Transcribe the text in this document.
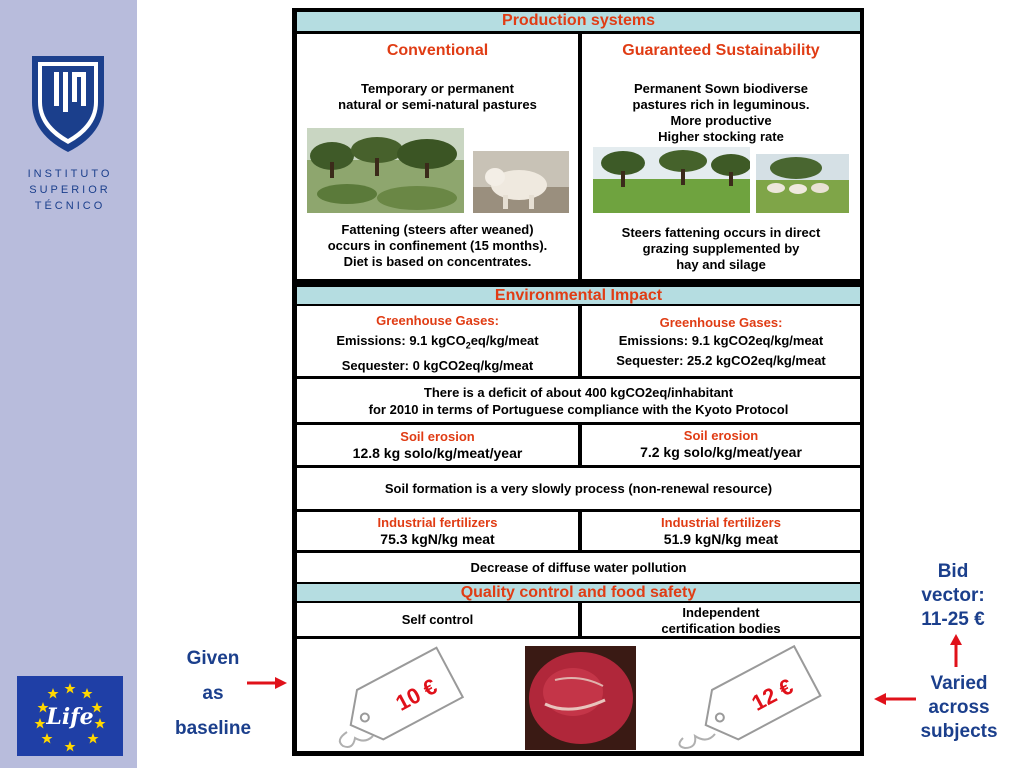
INSTITUTO
SUPERIOR
TÉCNICO
Life
Production systems
Conventional
Temporary or permanent
natural or semi-natural pastures
Fattening (steers after weaned)
occurs in confinement (15 months).
Diet is based on concentrates.
Guaranteed Sustainability
Permanent Sown biodiverse
pastures rich in leguminous.
More productive
Higher stocking rate
Steers fattening occurs in direct
grazing supplemented by
hay and silage
Environmental Impact
Greenhouse Gases:
Emissions: 9.1 kgCO$_2$eq/kg/meat
Sequester: 0 kgCO2eq/kg/meat
Greenhouse Gases:
Emissions: 9.1 kgCO2eq/kg/meat
Sequester: 25.2 kgCO2eq/kg/meat
There is a deficit of about 400 kgCO2eq/inhabitant
for 2010 in terms of Portuguese compliance with the Kyoto Protocol
Soil erosion
12.8 kg solo/kg/meat/year
Soil erosion
7.2 kg solo/kg/meat/year
Soil formation is a very slowly process (non-renewal resource)
Industrial fertilizers
75.3 kgN/kg meat
Industrial fertilizers
51.9 kgN/kg meat
Decrease of diffuse water pollution
Quality control and food safety
Self control	Independent
certification bodies
10 €	12 €
Given
as
baseline
Bid
vector:
11-25 €
Varied
across
subjects
